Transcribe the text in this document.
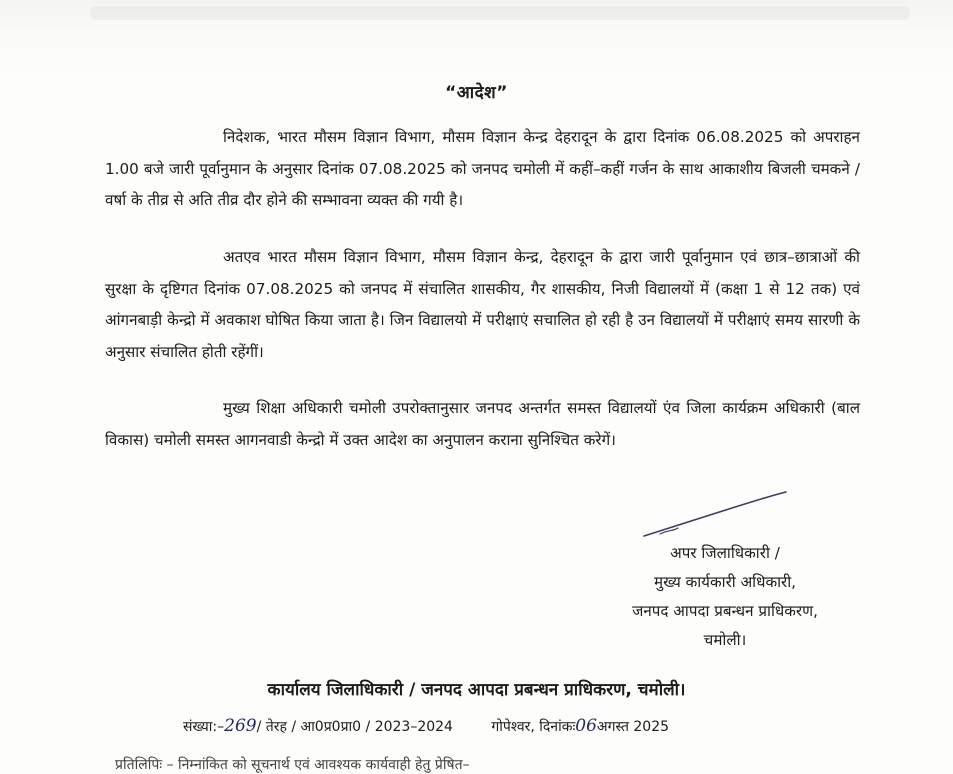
“आदेश”

निदेशक, भारत मौसम विज्ञान विभाग, मौसम विज्ञान केन्द्र देहरादून के द्वारा दिनांक 06.08.2025 को अपराहन 1.00 बजे जारी पूर्वानुमान के अनुसार दिनांक 07.08.2025 को जनपद चमोली में कहीं–कहीं गर्जन के साथ आकाशीय बिजली चमकने / वर्षा के तीव्र से अति तीव्र दौर होने की सम्भावना व्यक्त की गयी है।

अतएव भारत मौसम विज्ञान विभाग, मौसम विज्ञान केन्द्र, देहरादून के द्वारा जारी पूर्वानुमान एवं छात्र–छात्राओं की सुरक्षा के दृष्टिगत दिनांक 07.08.2025 को जनपद में संचालित शासकीय, गैर शासकीय, निजी विद्यालयों में (कक्षा 1 से 12 तक) एवं आंगनबाड़ी केन्द्रो में अवकाश घोषित किया जाता है। जिन विद्यालयो में परीक्षाएं सचालित हो रही है उन विद्यालयों में परीक्षाएं समय सारणी के अनुसार संचालित होती रहेंगीं।

मुख्य शिक्षा अधिकारी चमोली उपरोक्तानुसार जनपद अन्तर्गत समस्त विद्यालयों एंव जिला कार्यक्रम अधिकारी (बाल विकास) चमोली समस्त आगनवाडी केन्द्रो में उक्त आदेश का अनुपालन कराना सुनिश्चित करेगें।

अपर जिलाधिकारी /
मुख्य कार्यकारी अधिकारी,
जनपद आपदा प्रबन्धन प्राधिकरण,
चमोली।
कार्यालय जिलाधिकारी / जनपद आपदा प्रबन्धन प्राधिकरण, चमोली।
संख्या:–269/ तेरह / आ0प्र0प्रा0 / 2023–2024	गोपेश्वर, दिनांकः06अगस्त 2025
प्रतिलिपिः – निम्नांकित को सूचनार्थ एवं आवश्यक कार्यवाही हेतु प्रेषित–
